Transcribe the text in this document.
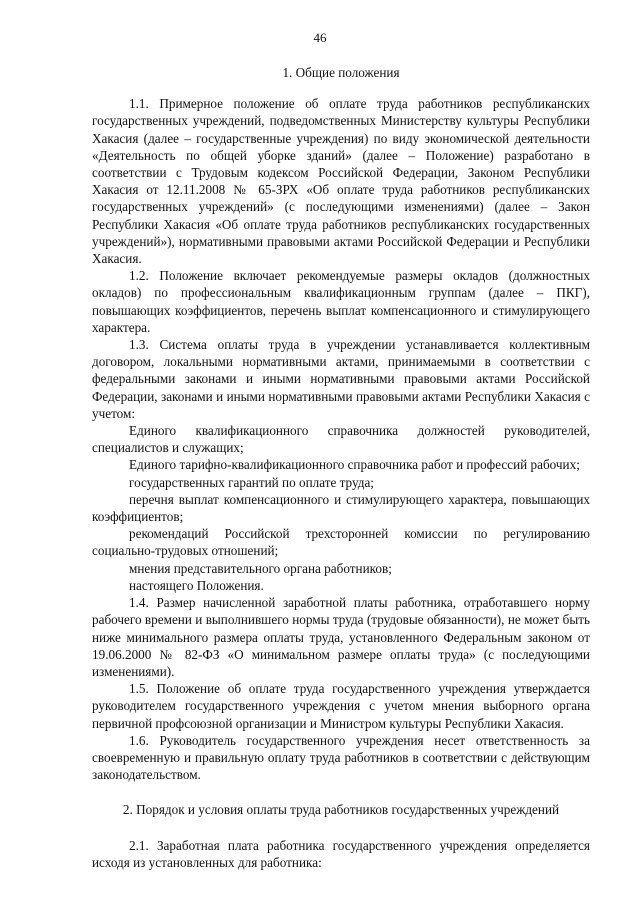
46

1. Общие положения

1.1. Примерное положение об оплате труда работников республиканских государственных учреждений, подведомственных Министерству культуры Республики Хакасия (далее – государственные учреждения) по виду экономической деятельности «Деятельность по общей уборке зданий» (далее – Положение) разработано в соответствии с Трудовым кодексом Российской Федерации, Законом Республики Хакасия от 12.11.2008 № 65-ЗРХ «Об оплате труда работников республиканских государственных учреждений» (с последующими изменениями) (далее – Закон Республики Хакасия «Об оплате труда работников республиканских государственных учреждений»), нормативными правовыми актами Российской Федерации и Республики Хакасия.

1.2. Положение включает рекомендуемые размеры окладов (должностных окладов) по профессиональным квалификационным группам (далее – ПКГ), повышающих коэффициентов, перечень выплат компенсационного и стимулирующего характера.

1.3. Система оплаты труда в учреждении устанавливается коллективным договором, локальными нормативными актами, принимаемыми в соответствии с федеральными законами и иными нормативными правовыми актами Российской Федерации, законами и иными нормативными правовыми актами Республики Хакасия с учетом:

Единого квалификационного справочника должностей руководителей, специалистов и служащих;

Единого тарифно-квалификационного справочника работ и профессий рабочих;

государственных гарантий по оплате труда;

перечня выплат компенсационного и стимулирующего характера, повышающих коэффициентов;

рекомендаций Российской трехсторонней комиссии по регулированию социально-трудовых отношений;

мнения представительного органа работников;

настоящего Положения.

1.4. Размер начисленной заработной платы работника, отработавшего норму рабочего времени и выполнившего нормы труда (трудовые обязанности), не может быть ниже минимального размера оплаты труда, установленного Федеральным законом от 19.06.2000 № 82-ФЗ «О минимальном размере оплаты труда» (с последующими изменениями).

1.5. Положение об оплате труда государственного учреждения утверждается руководителем государственного учреждения с учетом мнения выборного органа первичной профсоюзной организации и Министром культуры Республики Хакасия.

1.6. Руководитель государственного учреждения несет ответственность за своевременную и правильную оплату труда работников в соответствии с действующим законодательством.

2. Порядок и условия оплаты труда работников государственных учреждений

2.1. Заработная плата работника государственного учреждения определяется исходя из установленных для работника:
